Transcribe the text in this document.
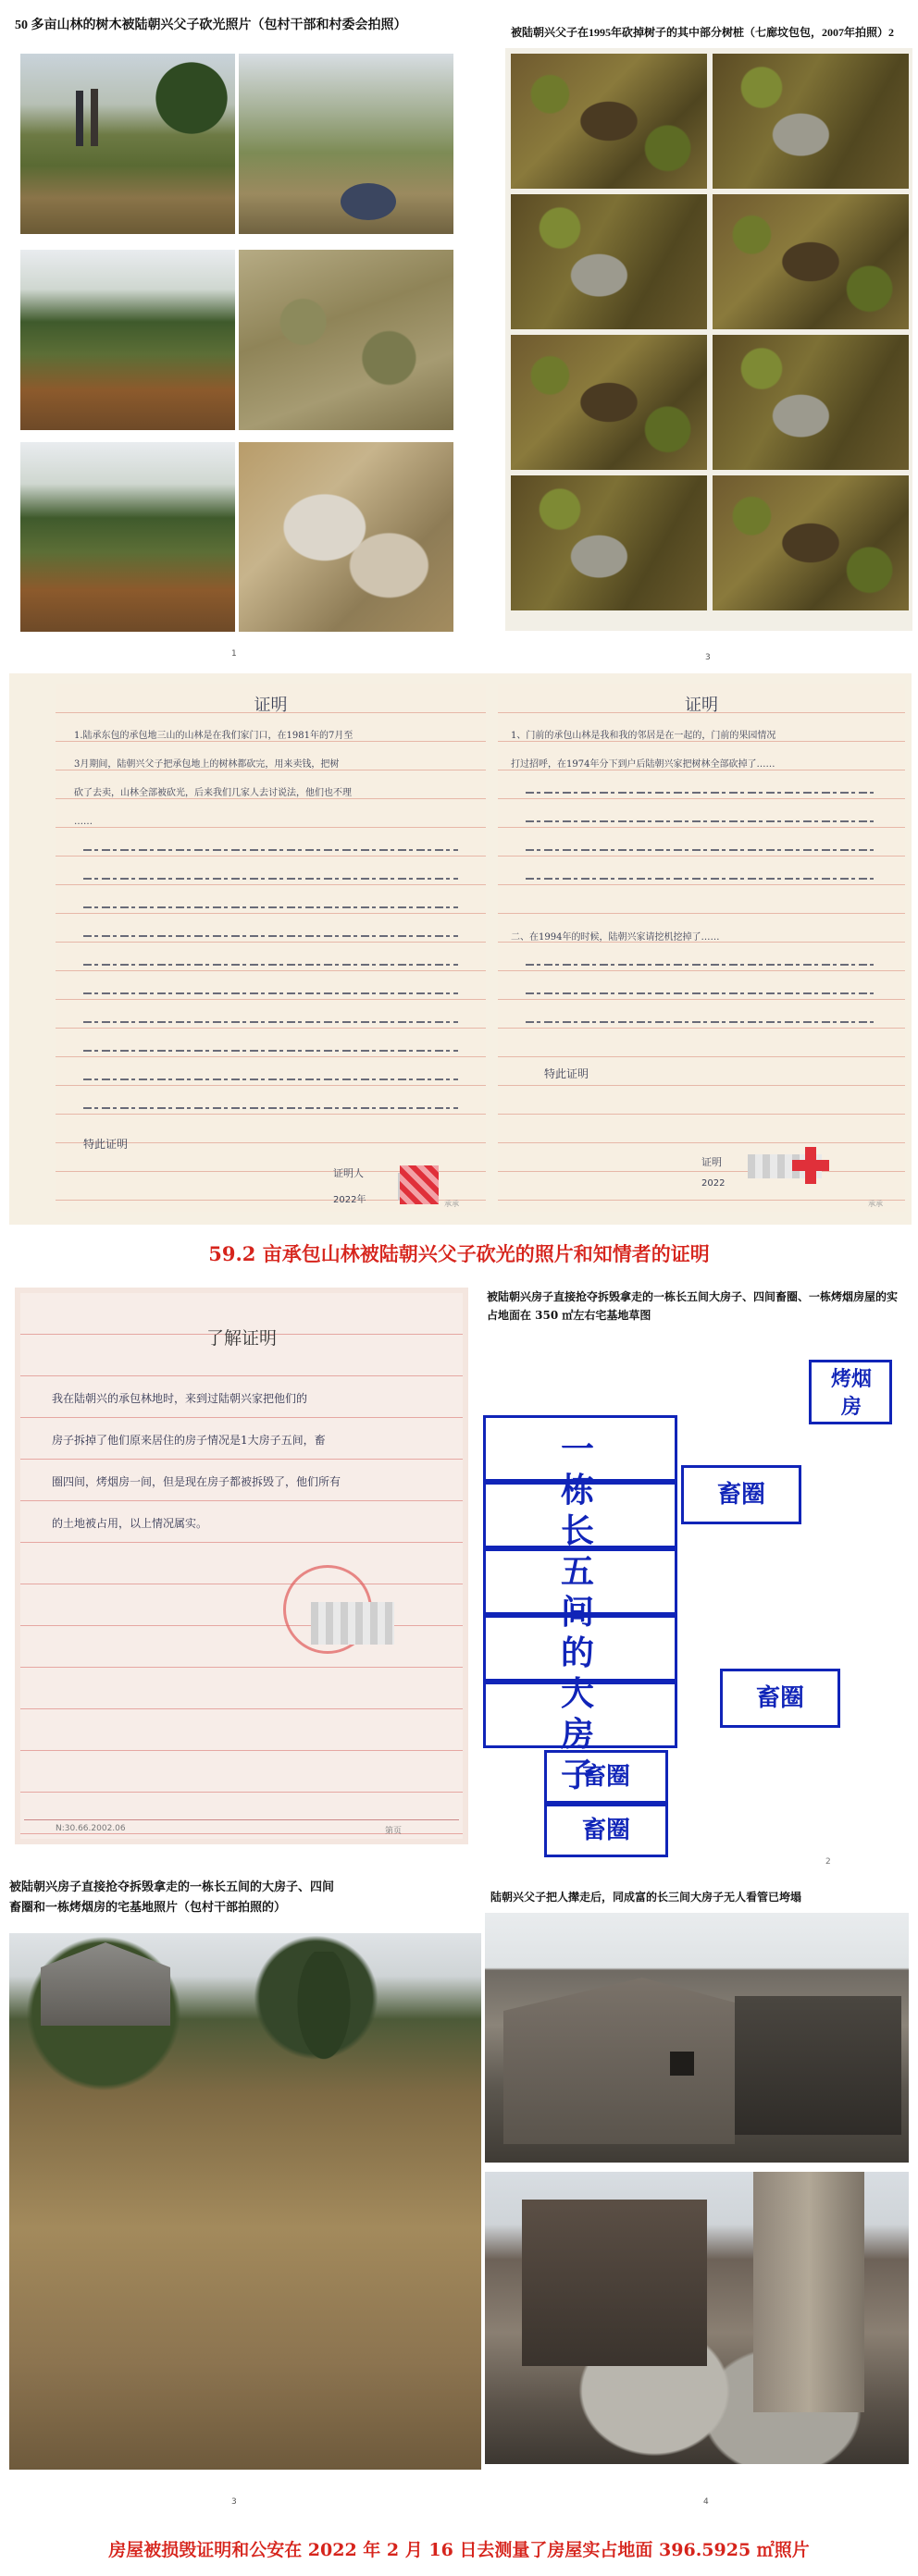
50 多亩山林的树木被陆朝兴父子砍光照片（包村干部和村委会拍照）
1
被陆朝兴父子在1995年砍掉树子的其中部分树桩（七廊坟包包，2007年拍照）2
3
证明
1.陆承东包的承包地三山的山林是在我们家门口，在1981年的7月至
3月期间，陆朝兴父子把承包地上的树林都砍完，用来卖钱，把树
砍了去卖，山林全部被砍光，后来我们几家人去讨说法，他们也不理
……
特此证明
证明人
2022年	承承
证明
1、门前的承包山林是我和我的邻居是在一起的，门前的果园情况
打过招呼，在1974年分下到户后陆朝兴家把树林全部砍掉了……
二、在1994年的时候，陆朝兴家请挖机挖掉了……
特此证明
证明
2022
承承
59.2 亩承包山林被陆朝兴父子砍光的照片和知情者的证明
了解证明
我在陆朝兴的承包林地时，来到过陆朝兴家把他们的
房子拆掉了他们原来居住的房子情况是1大房子五间，畜
圈四间，烤烟房一间，但是现在房子都被拆毁了，他们所有
的土地被占用，以上情况属实。
N:30.66.2002.06	第页
被陆朝兴房子直接抢夺拆毁拿走的一栋长五间大房子、四间畜圈、一栋烤烟房屋的实占地面在 350 ㎡左右宅基地草图
烤烟房
一栋长五间的大房子
畜圈
畜圈
畜圈
畜圈
2
被陆朝兴房子直接抢夺拆毁拿走的一栋长五间的大房子、四间
畜圈和一栋烤烟房的宅基地照片（包村干部拍照的）
3
陆朝兴父子把人撵走后，同成富的长三间大房子无人看管已垮塌
4
房屋被损毁证明和公安在 2022 年 2 月 16 日去测量了房屋实占地面 396.5925 ㎡照片
